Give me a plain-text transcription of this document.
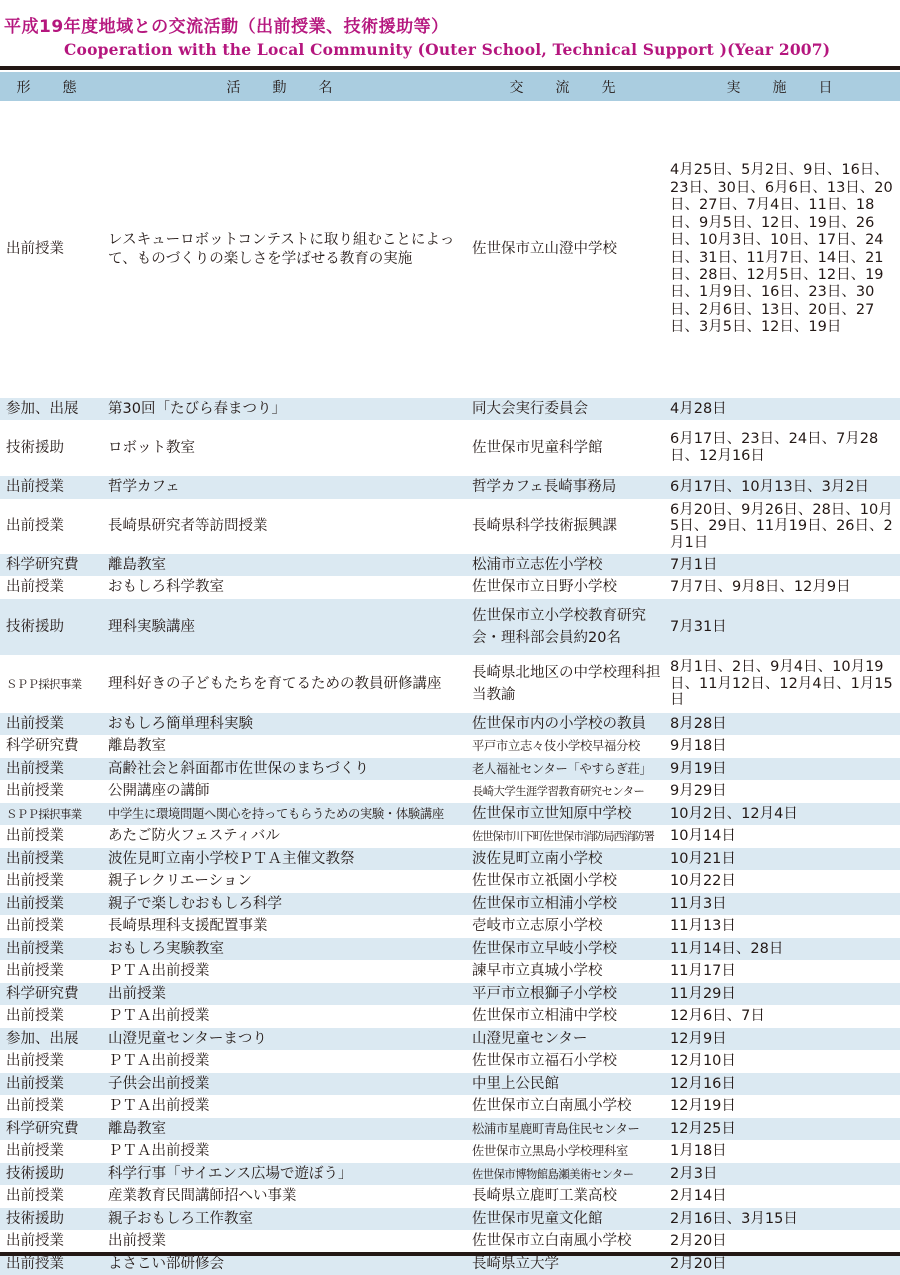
平成19年度地域との交流活動（出前授業、技術援助等）
Cooperation with the Local Community (Outer School, Technical Support )(Year 2007)
形　態	活　動　名	交　流　先	実　施　日
出前授業	レスキューロボットコンテストに取り組むことによって、ものづくりの楽しさを学ばせる教育の実施	佐世保市立山澄中学校	4月25日、5月2日、9日、16日、23日、30日、6月6日、13日、20日、27日、7月4日、11日、18日、9月5日、12日、19日、26日、10月3日、10日、17日、24日、31日、11月7日、14日、21日、28日、12月5日、12日、19日、1月9日、16日、23日、30日、2月6日、13日、20日、27日、3月5日、12日、19日
参加、出展	第30回「たびら春まつり」	同大会実行委員会	4月28日
技術援助	ロボット教室	佐世保市児童科学館	6月17日、23日、24日、7月28日、12月16日
出前授業	哲学カフェ	哲学カフェ長崎事務局	6月17日、10月13日、3月2日
出前授業	長崎県研究者等訪問授業	長崎県科学技術振興課	6月20日、9月26日、28日、10月5日、29日、11月19日、26日、2月1日
科学研究費	離島教室	松浦市立志佐小学校	7月1日
出前授業	おもしろ科学教室	佐世保市立日野小学校	7月7日、9月8日、12月9日
技術援助	理科実験講座	佐世保市立小学校教育研究会・理科部会員約20名	7月31日
ＳＰＰ採択事業	理科好きの子どもたちを育てるための教員研修講座	長崎県北地区の中学校理科担当教諭	8月1日、2日、9月4日、10月19日、11月12日、12月4日、1月15日
出前授業	おもしろ簡単理科実験	佐世保市内の小学校の教員	8月28日
科学研究費	離島教室	平戸市立志々伎小学校早福分校	9月18日
出前授業	高齢社会と斜面都市佐世保のまちづくり	老人福祉センター「やすらぎ荘」	9月19日
出前授業	公開講座の講師	長崎大学生涯学習教育研究センター	9月29日
ＳＰＰ採択事業	中学生に環境問題へ関心を持ってもらうための実験・体験講座	佐世保市立世知原中学校	10月2日、12月4日
出前授業	あたご防火フェスティバル	佐世保市川下町佐世保市消防局西消防署	10月14日
出前授業	波佐見町立南小学校ＰＴＡ主催文教祭	波佐見町立南小学校	10月21日
出前授業	親子レクリエーション	佐世保市立祇園小学校	10月22日
出前授業	親子で楽しむおもしろ科学	佐世保市立相浦小学校	11月3日
出前授業	長崎県理科支援配置事業	壱岐市立志原小学校	11月13日
出前授業	おもしろ実験教室	佐世保市立早岐小学校	11月14日、28日
出前授業	ＰＴＡ出前授業	諫早市立真城小学校	11月17日
科学研究費	出前授業	平戸市立根獅子小学校	11月29日
出前授業	ＰＴＡ出前授業	佐世保市立相浦中学校	12月6日、7日
参加、出展	山澄児童センターまつり	山澄児童センター	12月9日
出前授業	ＰＴＡ出前授業	佐世保市立福石小学校	12月10日
出前授業	子供会出前授業	中里上公民館	12月16日
出前授業	ＰＴＡ出前授業	佐世保市立白南風小学校	12月19日
科学研究費	離島教室	松浦市星鹿町青島住民センター	12月25日
出前授業	ＰＴＡ出前授業	佐世保市立黒島小学校理科室	1月18日
技術援助	科学行事「サイエンス広場で遊ぼう」	佐世保市博物館島瀬美術センター	2月3日
出前授業	産業教育民間講師招へい事業	長崎県立鹿町工業高校	2月14日
技術援助	親子おもしろ工作教室	佐世保市児童文化館	2月16日、3月15日
出前授業	出前授業	佐世保市立白南風小学校	2月20日
出前授業	よさこい部研修会	長崎県立大学	2月20日
